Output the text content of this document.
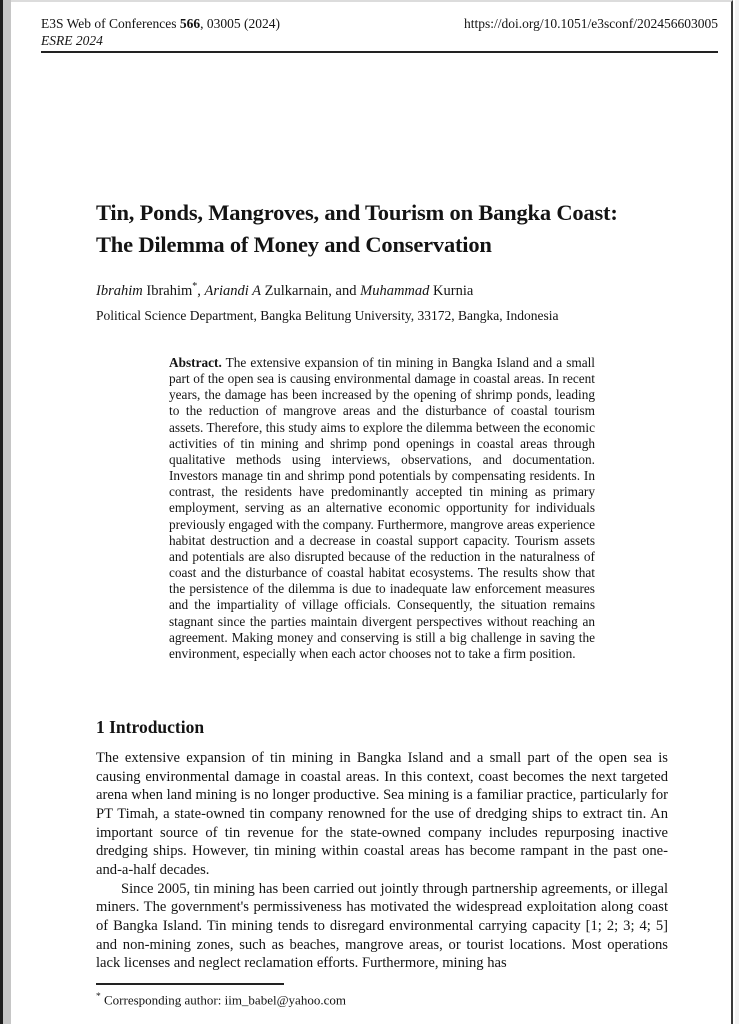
E3S Web of Conferences 566, 03005 (2024)	https://doi.org/10.1051/e3sconf/202456603005
ESRE 2024
Tin, Ponds, Mangroves, and Tourism on Bangka Coast:
The Dilemma of Money and Conservation
Ibrahim Ibrahim*, Ariandi A Zulkarnain, and Muhammad Kurnia
Political Science Department, Bangka Belitung University, 33172, Bangka, Indonesia
Abstract. The extensive expansion of tin mining in Bangka Island and a small part of the open sea is causing environmental damage in coastal areas. In recent years, the damage has been increased by the opening of shrimp ponds, leading to the reduction of mangrove areas and the disturbance of coastal tourism assets. Therefore, this study aims to explore the dilemma between the economic activities of tin mining and shrimp pond openings in coastal areas through qualitative methods using interviews, observations, and documentation. Investors manage tin and shrimp pond potentials by compensating residents. In contrast, the residents have predominantly accepted tin mining as primary employment, serving as an alternative economic opportunity for individuals previously engaged with the company. Furthermore, mangrove areas experience habitat destruction and a decrease in coastal support capacity. Tourism assets and potentials are also disrupted because of the reduction in the naturalness of coast and the disturbance of coastal habitat ecosystems. The results show that the persistence of the dilemma is due to inadequate law enforcement measures and the impartiality of village officials. Consequently, the situation remains stagnant since the parties maintain divergent perspectives without reaching an agreement. Making money and conserving is still a big challenge in saving the environment, especially when each actor chooses not to take a firm position.
1 Introduction

The extensive expansion of tin mining in Bangka Island and a small part of the open sea is causing environmental damage in coastal areas. In this context, coast becomes the next targeted arena when land mining is no longer productive. Sea mining is a familiar practice, particularly for PT Timah, a state-owned tin company renowned for the use of dredging ships to extract tin. An important source of tin revenue for the state-owned company includes repurposing inactive dredging ships. However, tin mining within coastal areas has become rampant in the past one-and-a-half decades.

Since 2005, tin mining has been carried out jointly through partnership agreements, or illegal miners. The government's permissiveness has motivated the widespread exploitation along coast of Bangka Island. Tin mining tends to disregard environmental carrying capacity [1; 2; 3; 4; 5] and non-mining zones, such as beaches, mangrove areas, or tourist locations. Most operations lack licenses and neglect reclamation efforts. Furthermore, mining has

* Corresponding author: iim_babel@yahoo.com
